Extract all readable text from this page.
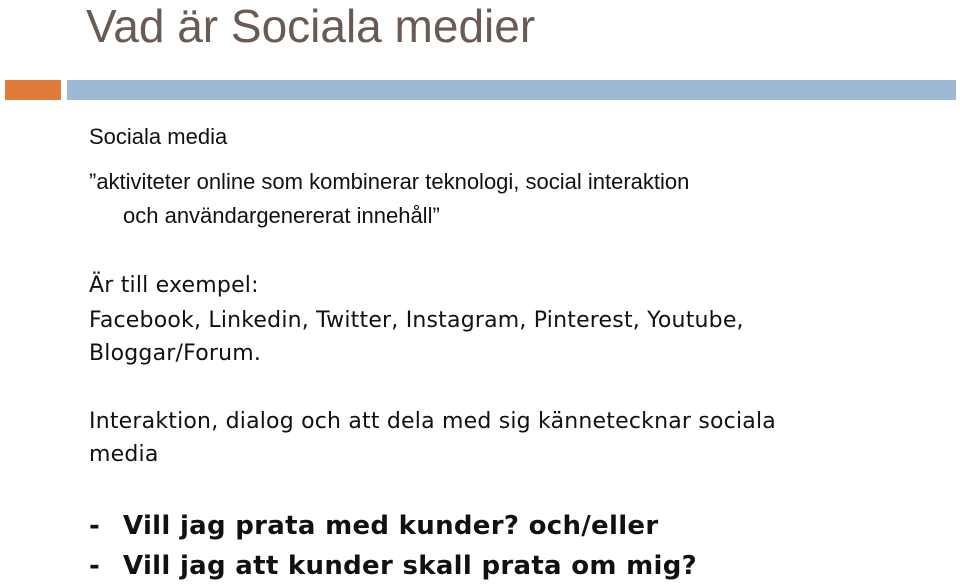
Vad är Sociala medier
Sociala media
”aktiviteter online som kombinerar teknologi, social interaktion
och användargenererat innehåll”
Är till exempel:
Facebook, Linkedin, Twitter, Instagram, Pinterest, Youtube,
Bloggar/Forum.
Interaktion, dialog och att dela med sig kännetecknar sociala
media
- Vill jag prata med kunder? och/eller
- Vill jag att kunder skall prata om mig?
